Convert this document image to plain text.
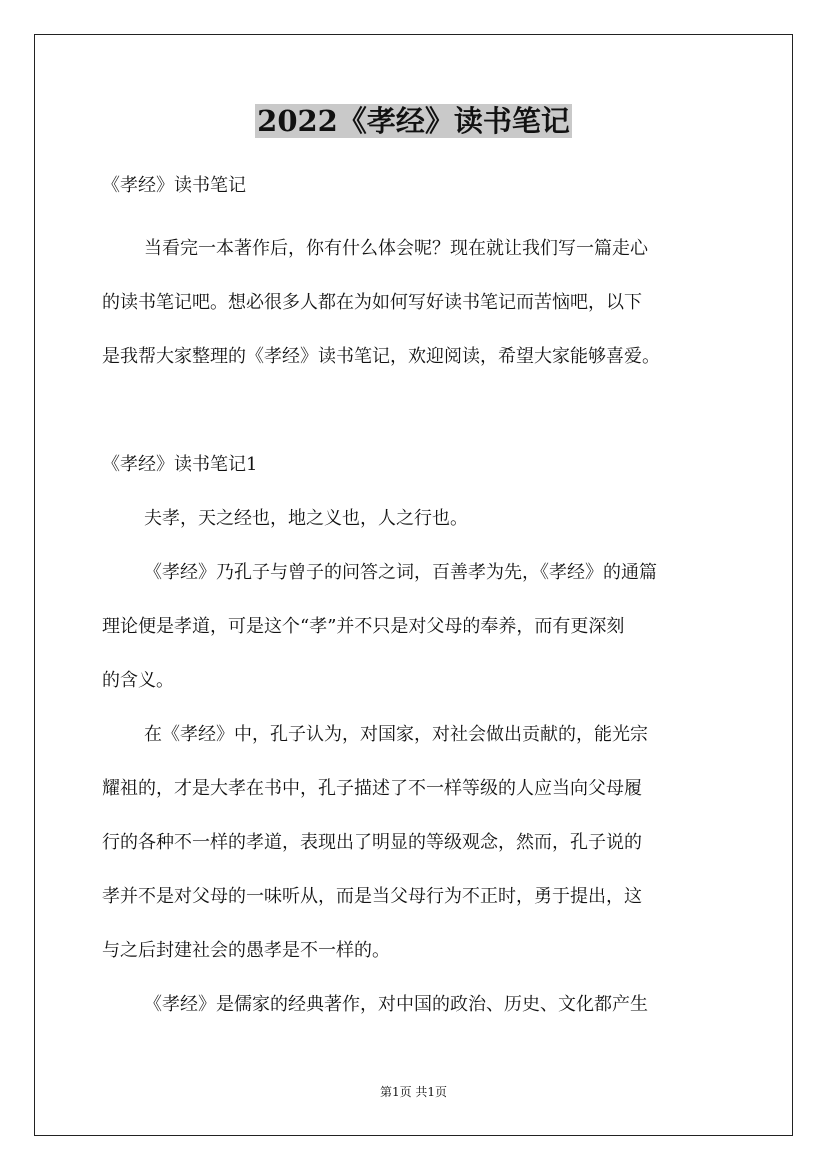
2022《孝经》读书笔记
《孝经》读书笔记
当看完一本著作后，你有什么体会呢？现在就让我们写一篇走心
的读书笔记吧。想必很多人都在为如何写好读书笔记而苦恼吧，以下
是我帮大家整理的《孝经》读书笔记，欢迎阅读，希望大家能够喜爱。
《孝经》读书笔记1
夫孝，天之经也，地之义也，人之行也。
《孝经》乃孔子与曾子的问答之词，百善孝为先，《孝经》的通篇
理论便是孝道，可是这个“孝”并不只是对父母的奉养，而有更深刻
的含义。
在《孝经》中，孔子认为，对国家，对社会做出贡献的，能光宗
耀祖的，才是大孝在书中，孔子描述了不一样等级的人应当向父母履
行的各种不一样的孝道，表现出了明显的等级观念，然而，孔子说的
孝并不是对父母的一味听从，而是当父母行为不正时，勇于提出，这
与之后封建社会的愚孝是不一样的。
《孝经》是儒家的经典著作，对中国的政治、历史、文化都产生
第1页 共1页
